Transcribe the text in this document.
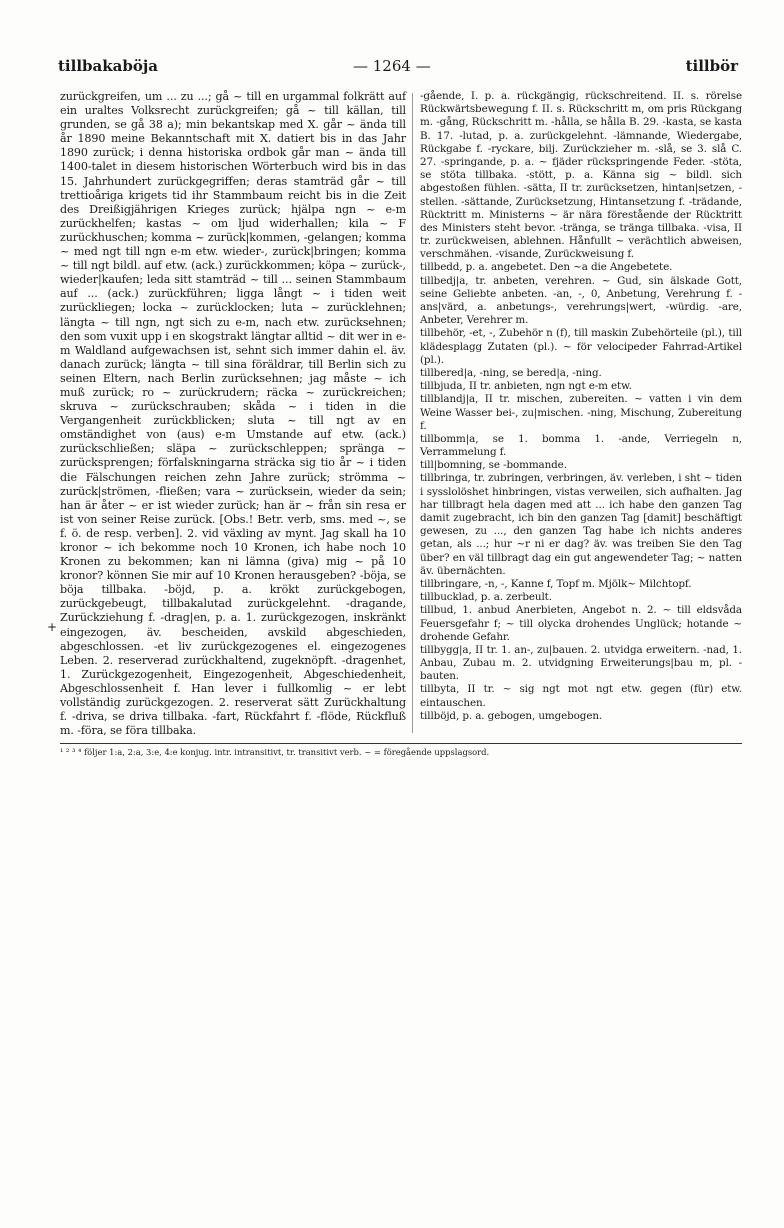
tillbakaböja	— 1264 —	tillbör
+

zurückgreifen, um ... zu ...; gå ~ till en urgammal folkrätt auf ein uraltes Volksrecht zurückgreifen; gå ~ till källan, till grunden, se gå 38 a); min bekantskap med X. går ~ ända till år 1890 meine Bekanntschaft mit X. datiert bis in das Jahr 1890 zurück; i denna historiska ordbok går man ~ ända till 1400-talet in diesem historischen Wörterbuch wird bis in das 15. Jahrhundert zurückgegriffen; deras stamträd går ~ till trettioåriga krigets tid ihr Stammbaum reicht bis in die Zeit des Dreißigjährigen Krieges zurück; hjälpa ngn ~ e-m zurückhelfen; kastas ~ om ljud widerhallen; kila ~ F zurückhuschen; komma ~ zurück|kommen, -gelangen; komma ~ med ngt till ngn e-m etw. wieder-, zurück|bringen; komma ~ till ngt bildl. auf etw. (ack.) zurückkommen; köpa ~ zurück-, wieder|kaufen; leda sitt stamträd ~ till ... seinen Stammbaum auf ... (ack.) zurückführen; ligga långt ~ i tiden weit zurückliegen; locka ~ zurücklocken; luta ~ zurücklehnen; längta ~ till ngn, ngt sich zu e-m, nach etw. zurücksehnen; den som vuxit upp i en skogstrakt längtar alltid ~ dit wer in e-m Waldland aufgewachsen ist, sehnt sich immer dahin el. äv. danach zurück; längta ~ till sina föräldrar, till Berlin sich zu seinen Eltern, nach Berlin zurücksehnen; jag måste ~ ich muß zurück; ro ~ zurückrudern; räcka ~ zurückreichen; skruva ~ zurückschrauben; skåda ~ i tiden in die Vergangenheit zurückblicken; sluta ~ till ngt av en omständighet von (aus) e-m Umstande auf etw. (ack.) zurückschließen; släpa ~ zurückschleppen; spränga ~ zurücksprengen; förfalskningarna sträcka sig tio år ~ i tiden die Fälschungen reichen zehn Jahre zurück; strömma ~ zurück|strömen, -fließen; vara ~ zurücksein, wieder da sein; han är åter ~ er ist wieder zurück; han är ~ från sin resa er ist von seiner Reise zurück. [Obs.! Betr. verb, sms. med ~, se f. ö. de resp. verben]. 2. vid växling av mynt. Jag skall ha 10 kronor ~ ich bekomme noch 10 Kronen, ich habe noch 10 Kronen zu bekommen; kan ni lämna (giva) mig ~ på 10 kronor? können Sie mir auf 10 Kronen herausgeben? -böja, se böja tillbaka. -böjd, p. a. krökt zurückgebogen, zurückgebeugt, tillbakalutad zurückgelehnt. -dragande, Zurückziehung f. -drag|en, p. a. 1. zurückgezogen, inskränkt eingezogen, äv. bescheiden, avskild abgeschieden, abgeschlossen. -et liv zurückgezogenes el. eingezogenes Leben. 2. reserverad zurückhaltend, zugeknöpft. -dragenhet, 1. Zurückgezogenheit, Eingezogenheit, Abgeschiedenheit, Abgeschlossenheit f. Han lever i fullkomlig ~ er lebt vollständig zurückgezogen. 2. reserverat sätt Zurückhaltung f. -driva, se driva tillbaka. -fart, Rückfahrt f. -flöde, Rückfluß m. -föra, se föra tillbaka.

-gående, I. p. a. rückgängig, rückschreitend. II. s. rörelse Rückwärtsbewegung f. II. s. Rückschritt m, om pris Rückgang m. -gång, Rückschritt m. -hålla, se hålla B. 29. -kasta, se kasta B. 17. -lutad, p. a. zurückgelehnt. -lämnande, Wiedergabe, Rückgabe f. -ryckare, bilj. Zurückzieher m. -slå, se 3. slå C. 27. -springande, p. a. ~ fjäder rückspringende Feder. -stöta, se stöta tillbaka. -stött, p. a. Känna sig ~ bildl. sich abgestoßen fühlen. -sätta, II tr. zurücksetzen, hintan|setzen, -stellen. -sättande, Zurücksetzung, Hintansetzung f. -trädande, Rücktritt m. Ministerns ~ är nära förestående der Rücktritt des Ministers steht bevor. -tränga, se tränga tillbaka. -visa, II tr. zurückweisen, ablehnen. Hånfullt ~ verächtlich abweisen, verschmähen. -visande, Zurückweisung f.

tillbedd, p. a. angebetet. Den ~a die Angebetete.

tillbedj|a, tr. anbeten, verehren. ~ Gud, sin älskade Gott, seine Geliebte anbeten. -an, -, 0, Anbetung, Verehrung f. -ans|värd, a. anbetungs-, verehrungs|wert, -würdig. -are, Anbeter, Verehrer m.

tillbehör, -et, -, Zubehör n (f), till maskin Zubehörteile (pl.), till klädesplagg Zutaten (pl.). ~ för velocipeder Fahrrad-Artikel (pl.).

tillbered|a, -ning, se bered|a, -ning.

tillbjuda, II tr. anbieten, ngn ngt e-m etw.

tillblandj|a, II tr. mischen, zubereiten. ~ vatten i vin dem Weine Wasser bei-, zu|mischen. -ning, Mischung, Zubereitung f.

tillbomm|a, se 1. bomma 1. -ande, Verriegeln n, Verrammelung f.

till|bomning, se -bommande.

tillbringa, tr. zubringen, verbringen, äv. verleben, i sht ~ tiden i sysslolöshet hinbringen, vistas verweilen, sich aufhalten. Jag har tillbragt hela dagen med att ... ich habe den ganzen Tag damit zugebracht, ich bin den ganzen Tag [damit] beschäftigt gewesen, zu ..., den ganzen Tag habe ich nichts anderes getan, als ...; hur ~r ni er dag? äv. was treiben Sie den Tag über? en väl tillbragt dag ein gut angewendeter Tag; ~ natten äv. übernächten.

tillbringare, -n, -, Kanne f, Topf m. Mjölk~ Milchtopf.

tillbucklad, p. a. zerbeult.

tillbud, 1. anbud Anerbieten, Angebot n. 2. ~ till eldsvåda Feuersgefahr f; ~ till olycka drohendes Unglück; hotande ~ drohende Gefahr.

tillbygg|a, II tr. 1. an-, zu|bauen. 2. utvidga erweitern. -nad, 1. Anbau, Zubau m. 2. utvidgning Erweiterungs|bau m, pl. -bauten.

tillbyta, II tr. ~ sig ngt mot ngt etw. gegen (für) etw. eintauschen.

tillböjd, p. a. gebogen, umgebogen.

¹ ² ³ ⁴ följer 1:a, 2:a, 3:e, 4:e konjug. intr. intransitivt, tr. transitivt verb. ~ = föregående uppslagsord.
